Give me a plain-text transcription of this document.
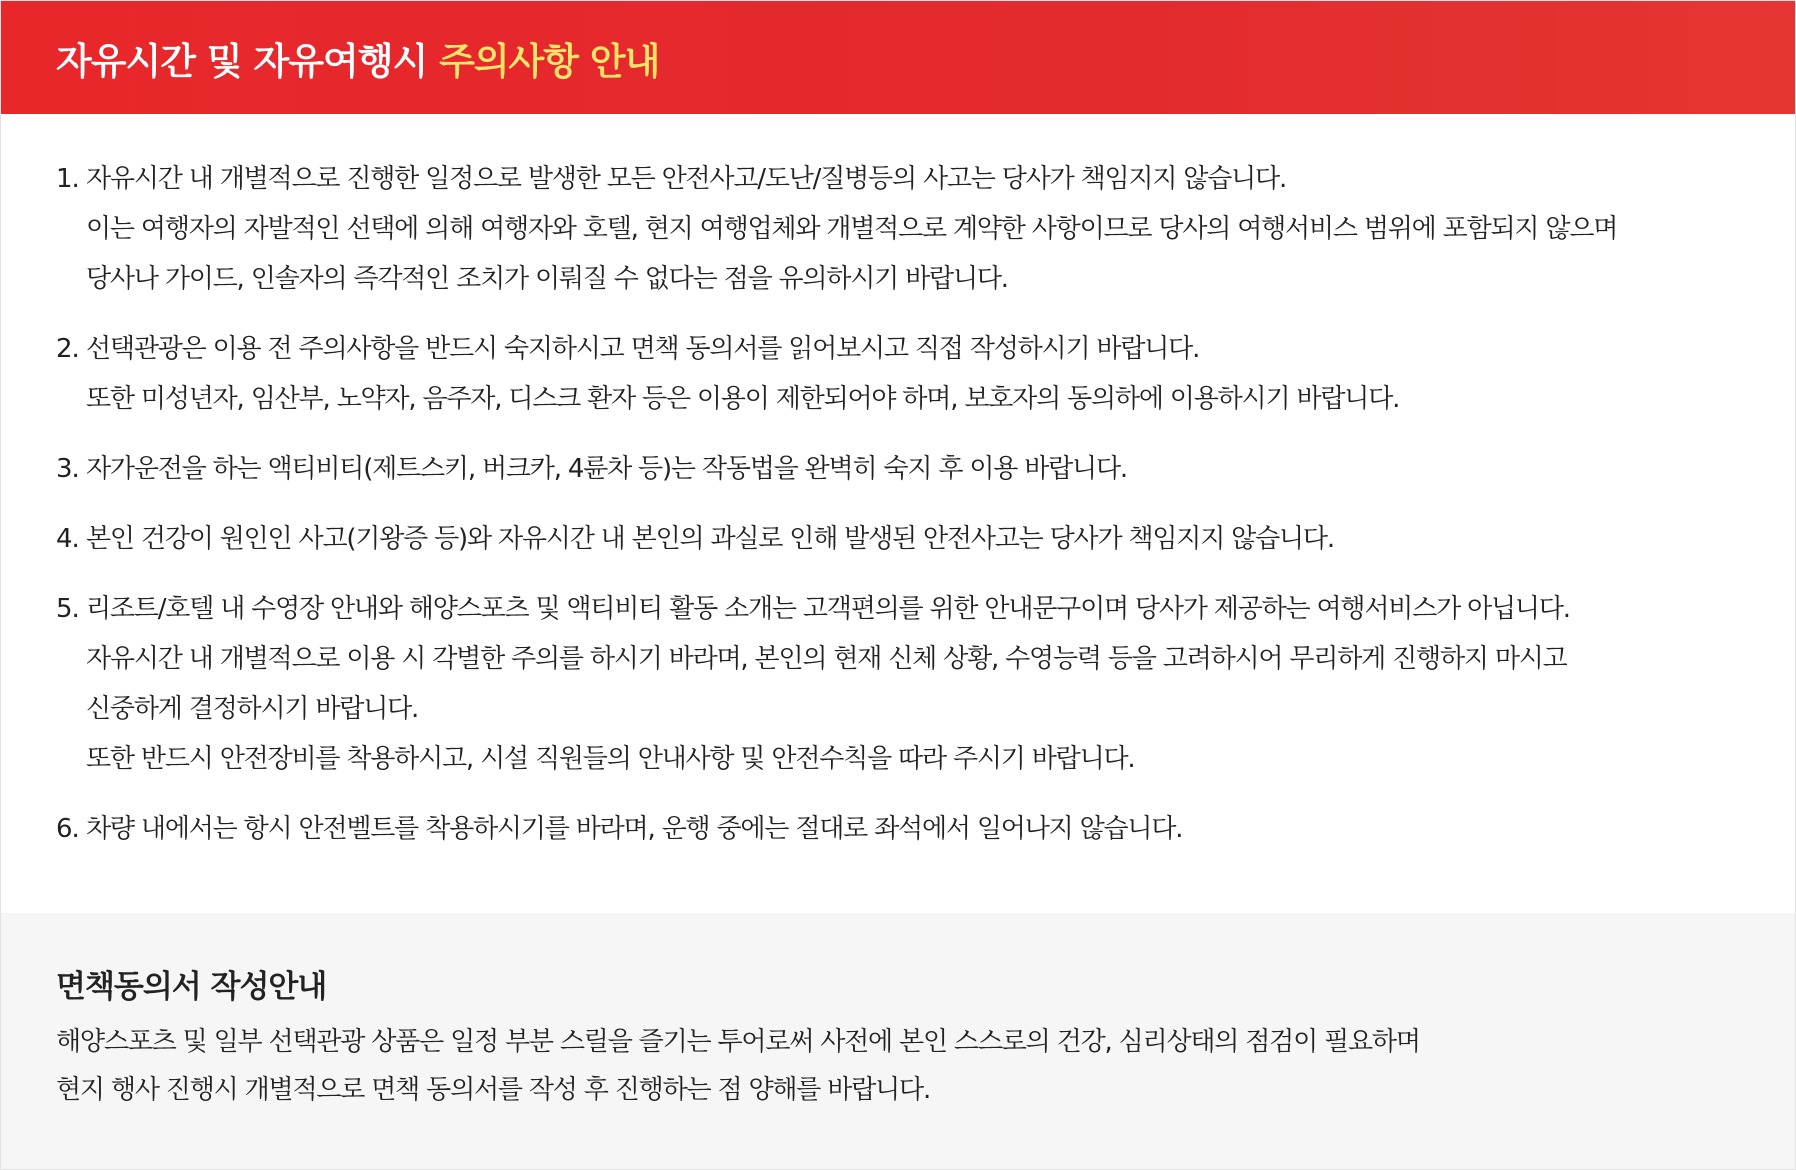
자유시간 및 자유여행시 주의사항 안내
1. 자유시간 내 개별적으로 진행한 일정으로 발생한 모든 안전사고/도난/질병등의 사고는 당사가 책임지지 않습니다.
이는 여행자의 자발적인 선택에 의해 여행자와 호텔, 현지 여행업체와 개별적으로 계약한 사항이므로 당사의 여행서비스 범위에 포함되지 않으며
당사나 가이드, 인솔자의 즉각적인 조치가 이뤄질 수 없다는 점을 유의하시기 바랍니다.
2. 선택관광은 이용 전 주의사항을 반드시 숙지하시고 면책 동의서를 읽어보시고 직접 작성하시기 바랍니다.
또한 미성년자, 임산부, 노약자, 음주자, 디스크 환자 등은 이용이 제한되어야 하며, 보호자의 동의하에 이용하시기 바랍니다.
3. 자가운전을 하는 액티비티(제트스키, 버크카, 4륜차 등)는 작동법을 완벽히 숙지 후 이용 바랍니다.
4. 본인 건강이 원인인 사고(기왕증 등)와 자유시간 내 본인의 과실로 인해 발생된 안전사고는 당사가 책임지지 않습니다.
5. 리조트/호텔 내 수영장 안내와 해양스포츠 및 액티비티 활동 소개는 고객편의를 위한 안내문구이며 당사가 제공하는 여행서비스가 아닙니다.
자유시간 내 개별적으로 이용 시 각별한 주의를 하시기 바라며, 본인의 현재 신체 상황, 수영능력 등을 고려하시어 무리하게 진행하지 마시고
신중하게 결정하시기 바랍니다.
또한 반드시 안전장비를 착용하시고, 시설 직원들의 안내사항 및 안전수칙을 따라 주시기 바랍니다.
6. 차량 내에서는 항시 안전벨트를 착용하시기를 바라며, 운행 중에는 절대로 좌석에서 일어나지 않습니다.
면책동의서 작성안내
해양스포츠 및 일부 선택관광 상품은 일정 부분 스릴을 즐기는 투어로써 사전에 본인 스스로의 건강, 심리상태의 점검이 필요하며
현지 행사 진행시 개별적으로 면책 동의서를 작성 후 진행하는 점 양해를 바랍니다.
